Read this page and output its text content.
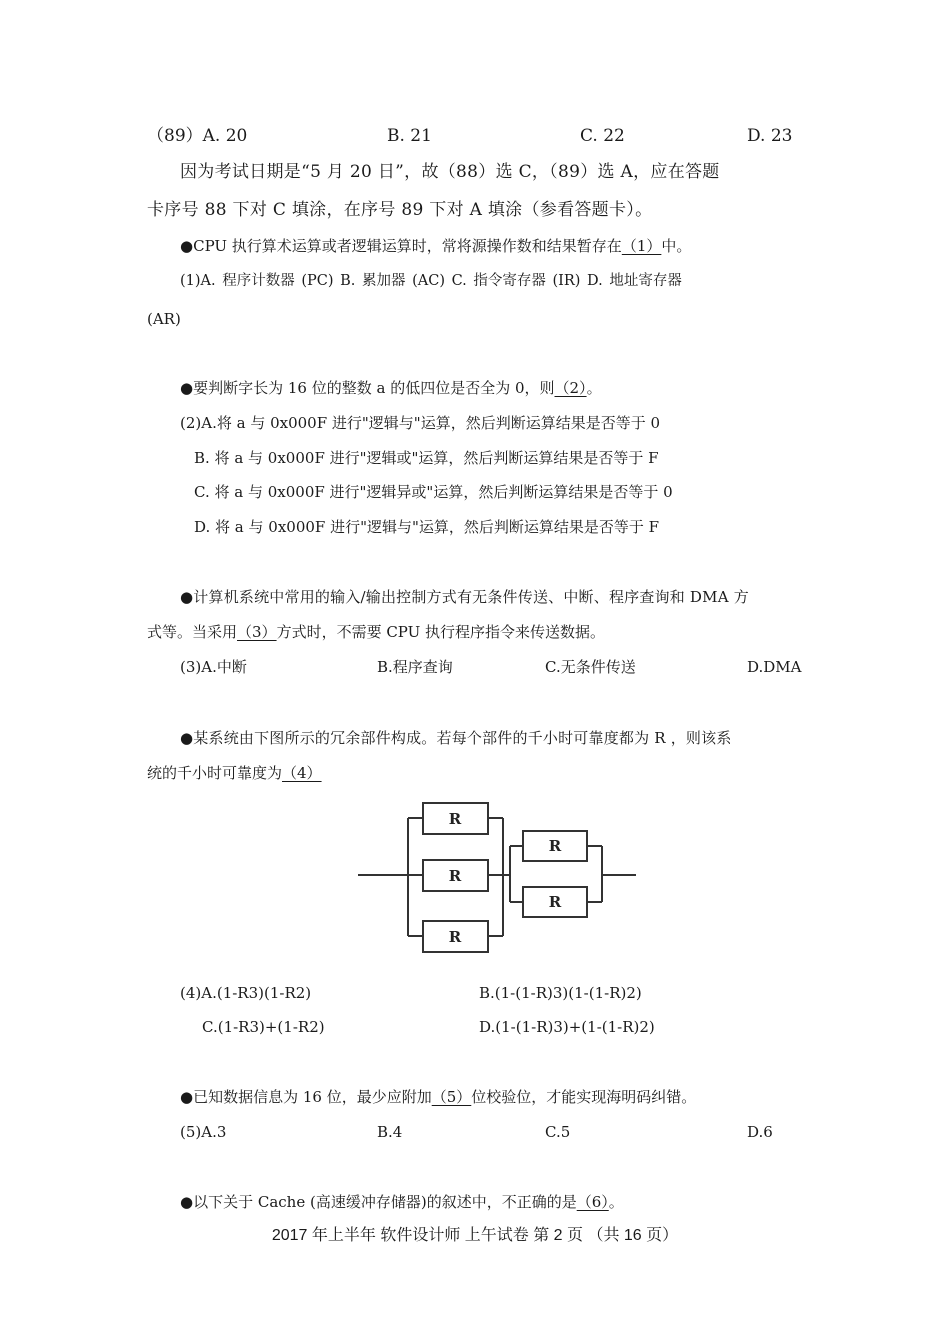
（89）A. 20	B. 21	C. 22	D. 23
因为考试日期是“5 月 20 日”，故（88）选 C，（89）选 A，应在答题
卡序号 88 下对 C 填涂，在序号 89 下对 A 填涂（参看答题卡）。
●CPU 执行算术运算或者逻辑运算时，常将源操作数和结果暂存在（1）中。
(1)A. 程序计数器 (PC) B. 累加器 (AC) C. 指令寄存器 (IR) D. 地址寄存器
(AR)
●要判断字长为 16 位的整数 a 的低四位是否全为 0，则（2）。
(2)A.将 a 与 0x000F 进行"逻辑与"运算，然后判断运算结果是否等于 0
B. 将 a 与 0x000F 进行"逻辑或"运算，然后判断运算结果是否等于 F
C. 将 a 与 0x000F 进行"逻辑异或"运算，然后判断运算结果是否等于 0
D. 将 a 与 0x000F 进行"逻辑与"运算，然后判断运算结果是否等于 F
●计算机系统中常用的输入/输出控制方式有无条件传送、中断、程序查询和 DMA 方
式等。当采用（3）方式时，不需要 CPU 执行程序指令来传送数据。
(3)A.中断	B.程序查询	C.无条件传送	D.DMA
●某系统由下图所示的冗余部件构成。若每个部件的千小时可靠度都为 R ，则该系
统的千小时可靠度为（4）
R
R
R
R
R
(4)A.(1-R3)(1-R2)	B.(1-(1-R)3)(1-(1-R)2)
C.(1-R3)+(1-R2)	D.(1-(1-R)3)+(1-(1-R)2)
●已知数据信息为 16 位，最少应附加（5）位校验位，才能实现海明码纠错。
(5)A.3	B.4	C.5	D.6
●以下关于 Cache (高速缓冲存储器)的叙述中，不正确的是（6）。
2017 年上半年 软件设计师 上午试卷 第 2 页 （共 16 页）
